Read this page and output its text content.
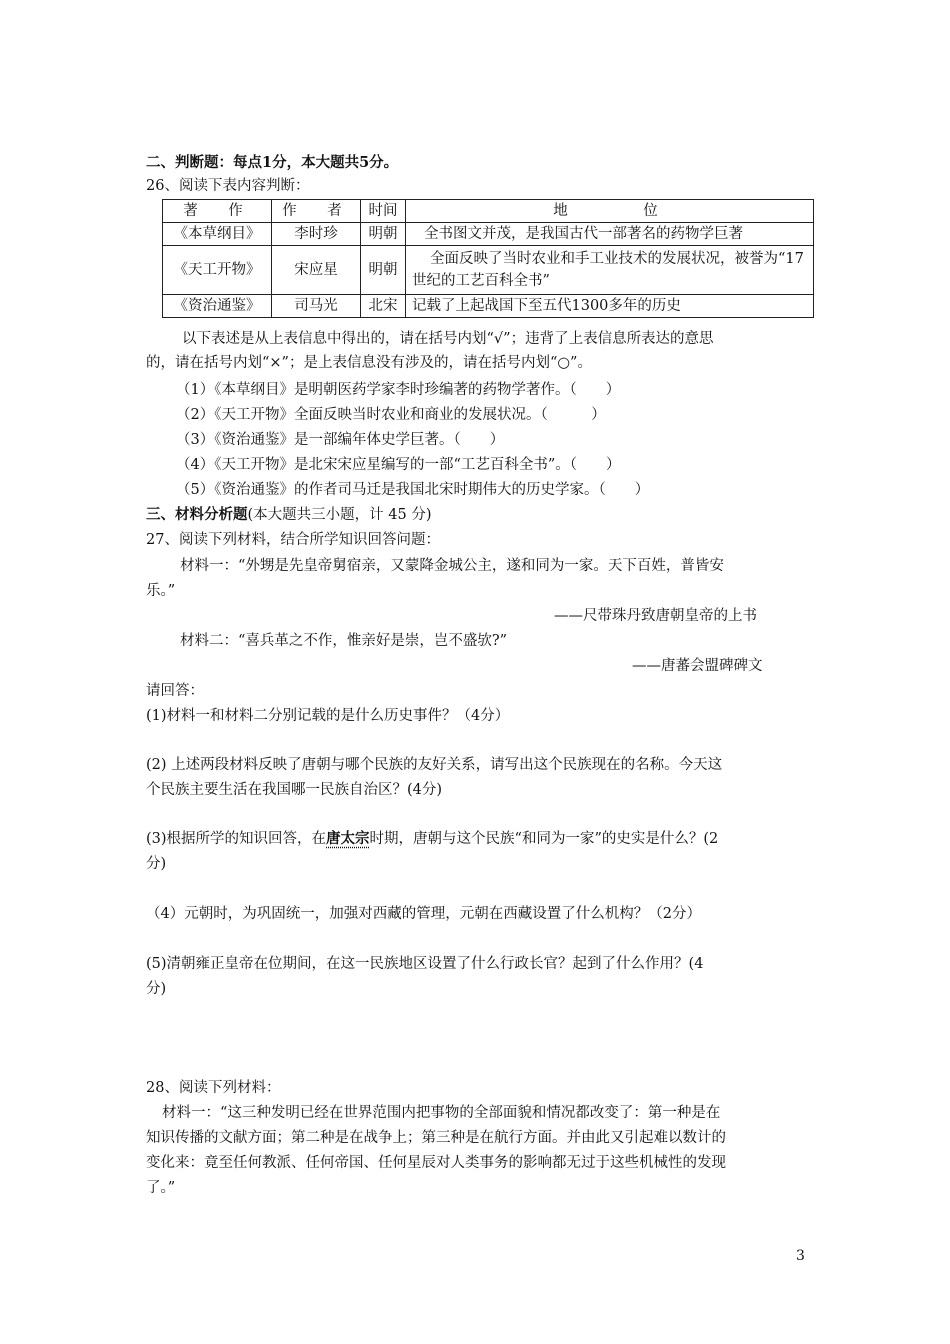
二、判断题：每点1分，本大题共5分。
26、阅读下表内容判断：
著　作	作　者	时间	地　　　位
《本草纲目》	李时珍	明朝	全书图文并茂，是我国古代一部著名的药物学巨著
《天工开物》	宋应星	明朝	全面反映了当时农业和手工业技术的发展状况，被誉为“17世纪的工艺百科全书”
《资治通鉴》	司马光	北宋	记载了上起战国下至五代1300多年的历史
以下表述是从上表信息中得出的，请在括号内划“√”；违背了上表信息所表达的意思
的，请在括号内划“×”；是上表信息没有涉及的，请在括号内划“○”。
（1）《本草纲目》是明朝医药学家李时珍编著的药物学著作。（　　）
（2）《天工开物》全面反映当时农业和商业的发展状况。（　　　）
（3）《资治通鉴》是一部编年体史学巨著。（　　）
（4）《天工开物》是北宋宋应星编写的一部“工艺百科全书”。（　　）
（5）《资治通鉴》的作者司马迁是我国北宋时期伟大的历史学家。（　　）
三、材料分析题(本大题共三小题，计 45 分)
27、阅读下列材料，结合所学知识回答问题：
材料一：“外甥是先皇帝舅宿亲，又蒙降金城公主，遂和同为一家。天下百姓，普皆安
乐。”
——尺带珠丹致唐朝皇帝的上书
材料二：“喜兵革之不作，惟亲好是崇，岂不盛欤?”
——唐蕃会盟碑碑文
请回答：
(1)材料一和材料二分别记载的是什么历史事件？（4分）
(2) 上述两段材料反映了唐朝与哪个民族的友好关系，请写出这个民族现在的名称。今天这
个民族主要生活在我国哪一民族自治区？(4分)
(3)根据所学的知识回答，在唐太宗时期，唐朝与这个民族“和同为一家”的史实是什么？(2
分)
（4）元朝时，为巩固统一，加强对西藏的管理，元朝在西藏设置了什么机构？（2分）
(5)清朝雍正皇帝在位期间，在这一民族地区设置了什么行政长官？起到了什么作用？(4
分)
28、阅读下列材料：
材料一：“这三种发明已经在世界范围内把事物的全部面貌和情况都改变了：第一种是在
知识传播的文献方面；第二种是在战争上；第三种是在航行方面。并由此又引起难以数计的
变化来：竟至任何教派、任何帝国、任何星辰对人类事务的影响都无过于这些机械性的发现
了。”
3
